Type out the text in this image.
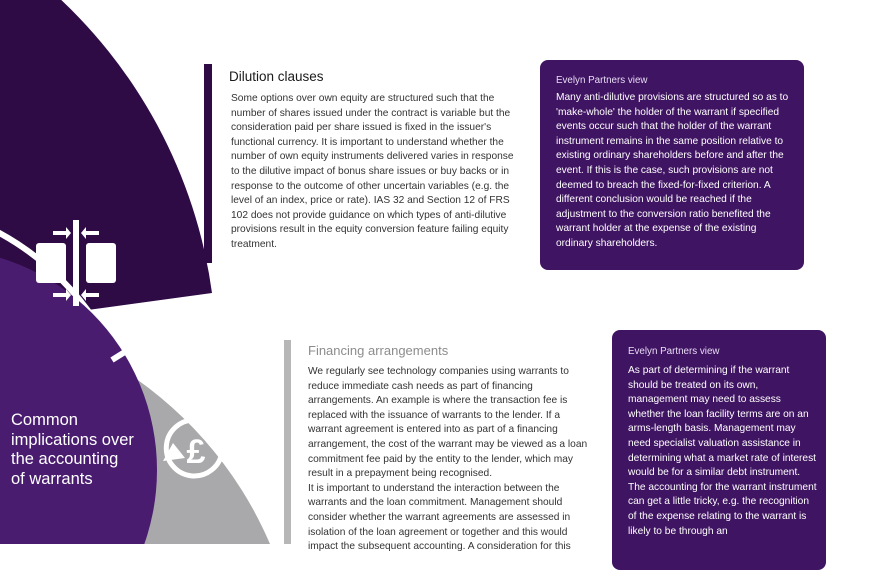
£
Dilution clauses

Some options over own equity are structured such that the number of shares issued under the contract is variable but the consideration paid per share issued is fixed in the issuer's functional currency. It is important to understand whether the number of own equity instruments delivered varies in response to the dilutive impact of bonus share issues or buy backs or in response to the outcome of other uncertain variables (e.g. the level of an index, price or rate). IAS 32 and Section 12 of FRS 102 does not provide guidance on which types of anti-dilutive provisions result in the equity conversion feature failing equity treatment.

Evelyn Partners view

Many anti-dilutive provisions are structured so as to 'make-whole' the holder of the warrant if specified events occur such that the holder of the warrant instrument remains in the same position relative to existing ordinary shareholders before and after the event. If this is the case, such provisions are not deemed to breach the fixed-for-fixed criterion. A different conclusion would be reached if the adjustment to the conversion ratio benefited the warrant holder at the expense of the existing ordinary shareholders.

Financing arrangements

We regularly see technology companies using warrants to reduce immediate cash needs as part of financing arrangements. An example is where the transaction fee is replaced with the issuance of warrants to the lender. If a warrant agreement is entered into as part of a financing arrangement, the cost of the warrant may be viewed as a loan commitment fee paid by the entity to the lender, which may result in a prepayment being recognised.

It is important to understand the interaction between the warrants and the loan commitment. Management should consider whether the warrant agreements are assessed in isolation of the loan agreement or together and this would impact the subsequent accounting. A consideration for this

Evelyn Partners view

As part of determining if the warrant should be treated on its own, management may need to assess whether the loan facility terms are on an arms-length basis. Management may need specialist valuation assistance in determining what a market rate of interest would be for a similar debt instrument.

The accounting for the warrant instrument can get a little tricky, e.g. the recognition of the expense relating to the warrant is likely to be through an

Common implications over the accounting of warrants
